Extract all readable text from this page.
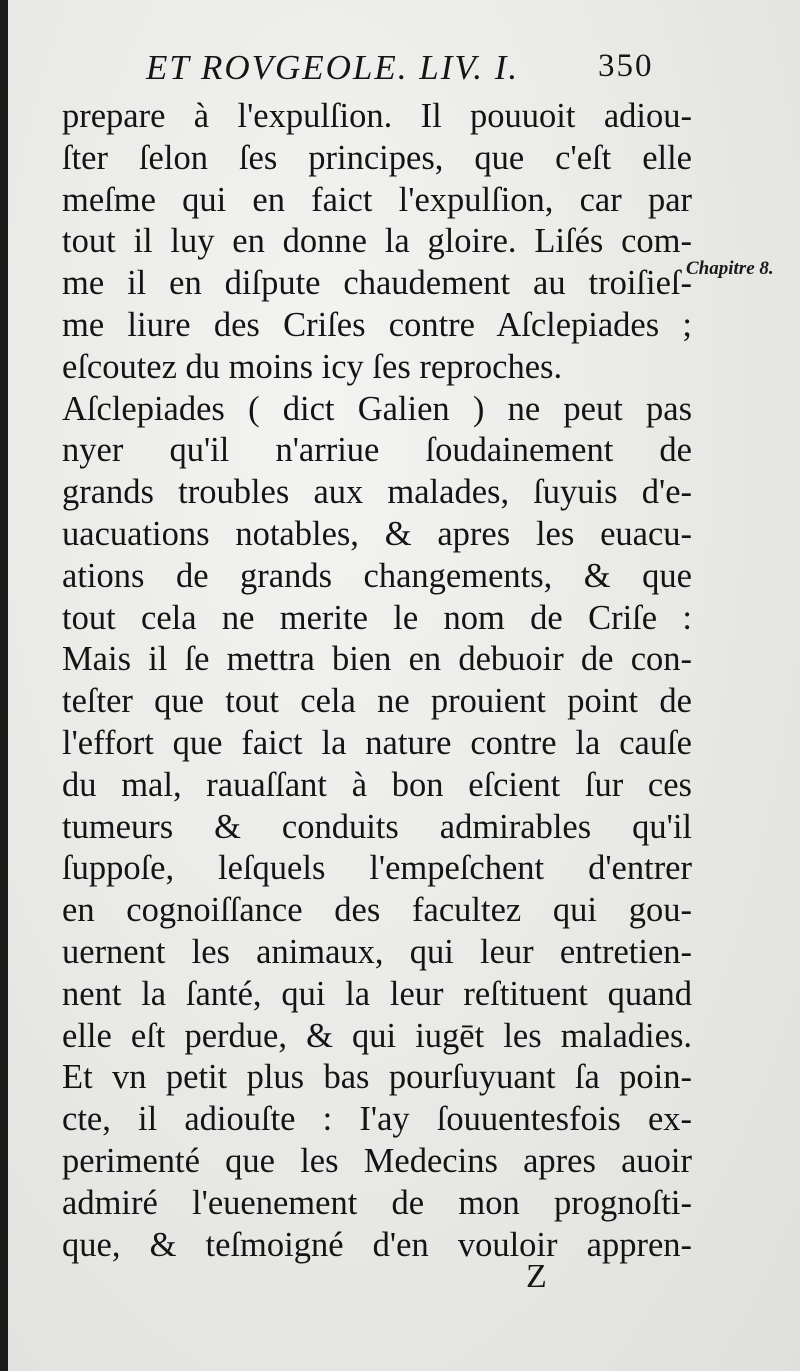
ET ROVGEOLE. LIV. I. 350
prepare à l'expulſion. Il pouuoit adiou-
ſter ſelon ſes principes, que c'eſt elle
meſme qui en faict l'expulſion, car par
tout il luy en donne la gloire. Liſés com-
me il en diſpute chaudement au troiſieſ-
me liure des Criſes contre Aſclepiades ;
eſcoutez du moins icy ſes reproches.
Aſclepiades ( dict Galien ) ne peut pas
nyer qu'il n'arriue ſoudainement de
grands troubles aux malades, ſuyuis d'e-
uacuations notables, & apres les euacu-
ations de grands changements, & que
tout cela ne merite le nom de Criſe :
Mais il ſe mettra bien en debuoir de con-
teſter que tout cela ne prouient point de
l'effort que faict la nature contre la cauſe
du mal, rauaſſant à bon eſcient ſur ces
tumeurs & conduits admirables qu'il
ſuppoſe, leſquels l'empeſchent d'entrer
en cognoiſſance des facultez qui gou-
uernent les animaux, qui leur entretien-
nent la ſanté, qui la leur reſtituent quand
elle eſt perdue, & qui iugēt les maladies.
Et vn petit plus bas pourſuyuant ſa poin-
cte, il adiouſte : I'ay ſouuentesfois ex-
perimenté que les Medecins apres auoir
admiré l'euenement de mon prognoſti-
que, & teſmoigné d'en vouloir appren-
Chapitre 8.
Z
